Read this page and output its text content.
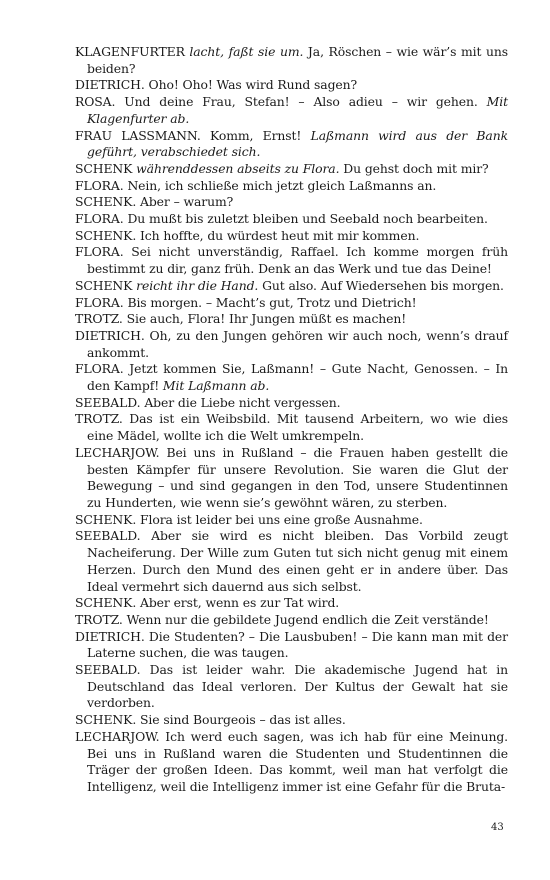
KLAGENFURTER lacht, faßt sie um. Ja, Röschen – wie wär’s mit uns beiden?

DIETRICH. Oho! Oho! Was wird Rund sagen?

ROSA. Und deine Frau, Stefan! – Also adieu – wir gehen. Mit Klagenfurter ab.

FRAU LASSMANN. Komm, Ernst! Laßmann wird aus der Bank geführt, verabschiedet sich.

SCHENK währenddessen abseits zu Flora. Du gehst doch mit mir?

FLORA. Nein, ich schließe mich jetzt gleich Laßmanns an.

SCHENK. Aber – warum?

FLORA. Du mußt bis zuletzt bleiben und Seebald noch bearbeiten.

SCHENK. Ich hoffte, du würdest heut mit mir kommen.

FLORA. Sei nicht unverständig, Raffael. Ich komme morgen früh bestimmt zu dir, ganz früh. Denk an das Werk und tue das Deine!

SCHENK reicht ihr die Hand. Gut also. Auf Wiedersehen bis morgen.

FLORA. Bis morgen. – Macht’s gut, Trotz und Dietrich!

TROTZ. Sie auch, Flora! Ihr Jungen müßt es machen!

DIETRICH. Oh, zu den Jungen gehören wir auch noch, wenn’s drauf ankommt.

FLORA. Jetzt kommen Sie, Laßmann! – Gute Nacht, Genossen. – In den Kampf! Mit Laßmann ab.

SEEBALD. Aber die Liebe nicht vergessen.

TROTZ. Das ist ein Weibsbild. Mit tausend Arbeitern, wo wie dies eine Mädel, wollte ich die Welt umkrempeln.

LECHARJOW. Bei uns in Rußland – die Frauen haben gestellt die besten Kämpfer für unsere Revolution. Sie waren die Glut der Bewegung – und sind gegangen in den Tod, unsere Studentinnen zu Hunderten, wie wenn sie’s gewöhnt wären, zu sterben.

SCHENK. Flora ist leider bei uns eine große Ausnahme.

SEEBALD. Aber sie wird es nicht bleiben. Das Vorbild zeugt Nacheiferung. Der Wille zum Guten tut sich nicht genug mit einem Herzen. Durch den Mund des einen geht er in andere über. Das Ideal vermehrt sich dauernd aus sich selbst.

SCHENK. Aber erst, wenn es zur Tat wird.

TROTZ. Wenn nur die gebildete Jugend endlich die Zeit verstände!

DIETRICH. Die Studenten? – Die Lausbuben! – Die kann man mit der Laterne suchen, die was taugen.

SEEBALD. Das ist leider wahr. Die akademische Jugend hat in Deutschland das Ideal verloren. Der Kultus der Gewalt hat sie verdorben.

SCHENK. Sie sind Bourgeois – das ist alles.

LECHARJOW. Ich werd euch sagen, was ich hab für eine Meinung. Bei uns in Rußland waren die Studenten und Studentinnen die Träger der großen Ideen. Das kommt, weil man hat verfolgt die Intelligenz, weil die Intelligenz immer ist eine Gefahr für die Bruta-

43
